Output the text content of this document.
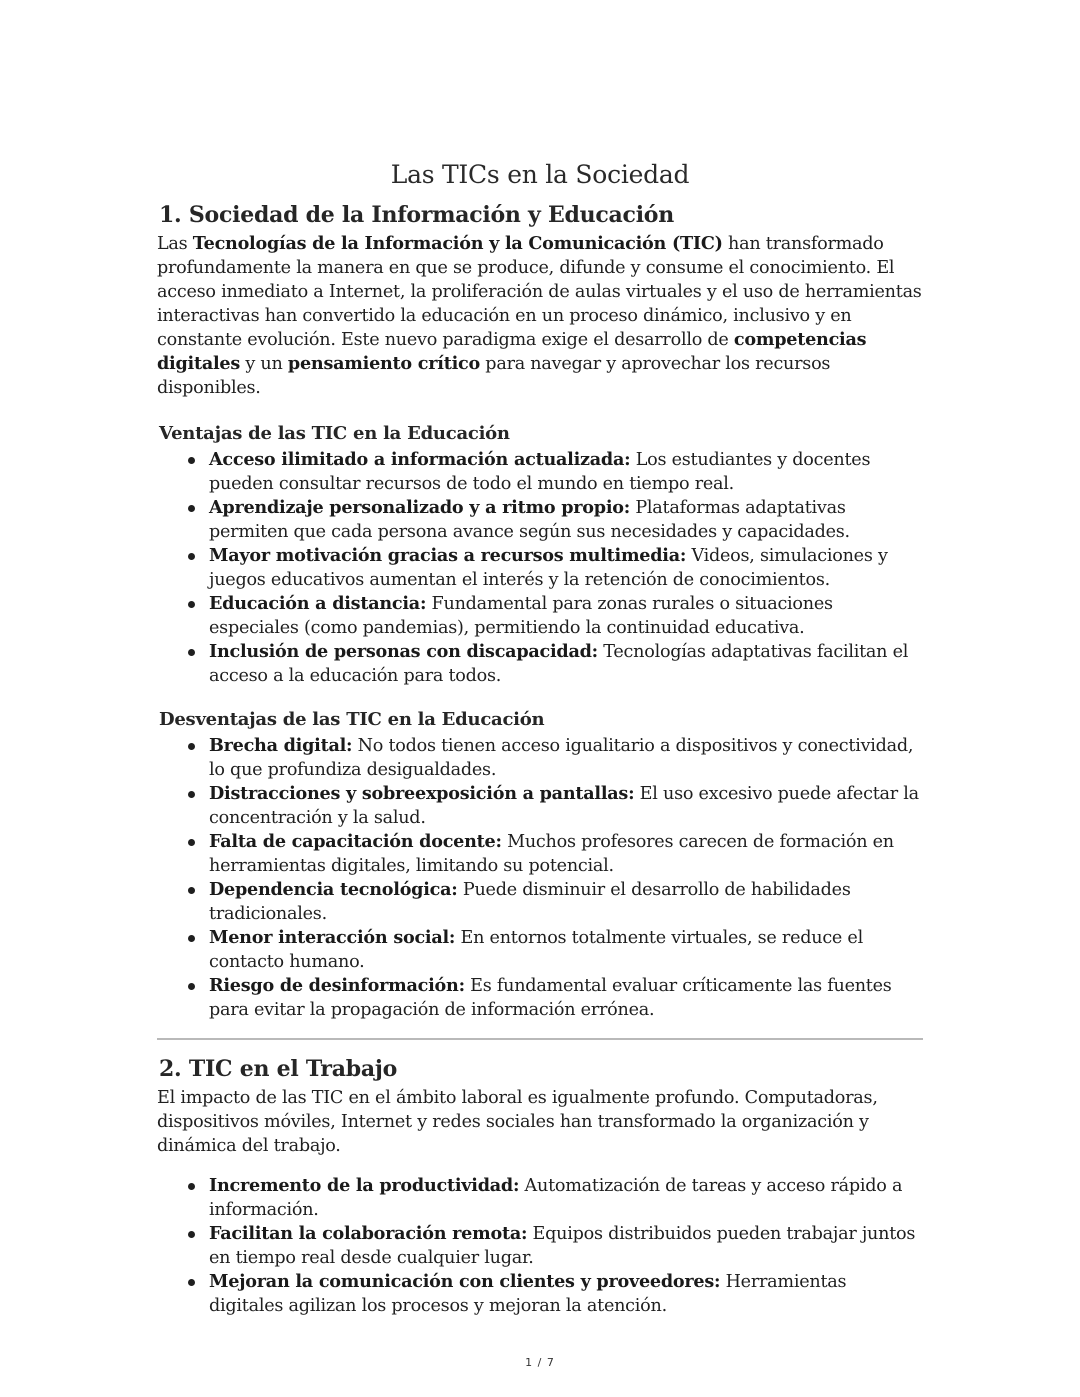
Las TICs en la Sociedad
1. Sociedad de la Información y Educación

Las Tecnologías de la Información y la Comunicación (TIC) han transformado profundamente la manera en que se produce, difunde y consume el conocimiento. El acceso inmediato a Internet, la proliferación de aulas virtuales y el uso de herramientas interactivas han convertido la educación en un proceso dinámico, inclusivo y en constante evolución. Este nuevo paradigma exige el desarrollo de competencias digitales y un pensamiento crítico para navegar y aprovechar los recursos disponibles.

Ventajas de las TIC en la Educación
Acceso ilimitado a información actualizada: Los estudiantes y docentes pueden consultar recursos de todo el mundo en tiempo real.
Aprendizaje personalizado y a ritmo propio: Plataformas adaptativas permiten que cada persona avance según sus necesidades y capacidades.
Mayor motivación gracias a recursos multimedia: Videos, simulaciones y juegos educativos aumentan el interés y la retención de conocimientos.
Educación a distancia: Fundamental para zonas rurales o situaciones especiales (como pandemias), permitiendo la continuidad educativa.
Inclusión de personas con discapacidad: Tecnologías adaptativas facilitan el acceso a la educación para todos.
Desventajas de las TIC en la Educación
Brecha digital: No todos tienen acceso igualitario a dispositivos y conectividad, lo que profundiza desigualdades.
Distracciones y sobreexposición a pantallas: El uso excesivo puede afectar la concentración y la salud.
Falta de capacitación docente: Muchos profesores carecen de formación en herramientas digitales, limitando su potencial.
Dependencia tecnológica: Puede disminuir el desarrollo de habilidades tradicionales.
Menor interacción social: En entornos totalmente virtuales, se reduce el contacto humano.
Riesgo de desinformación: Es fundamental evaluar críticamente las fuentes para evitar la propagación de información errónea.
2. TIC en el Trabajo

El impacto de las TIC en el ámbito laboral es igualmente profundo. Computadoras, dispositivos móviles, Internet y redes sociales han transformado la organización y dinámica del trabajo.

Incremento de la productividad: Automatización de tareas y acceso rápido a información.
Facilitan la colaboración remota: Equipos distribuidos pueden trabajar juntos en tiempo real desde cualquier lugar.
Mejoran la comunicación con clientes y proveedores: Herramientas digitales agilizan los procesos y mejoran la atención.
1 / 7
